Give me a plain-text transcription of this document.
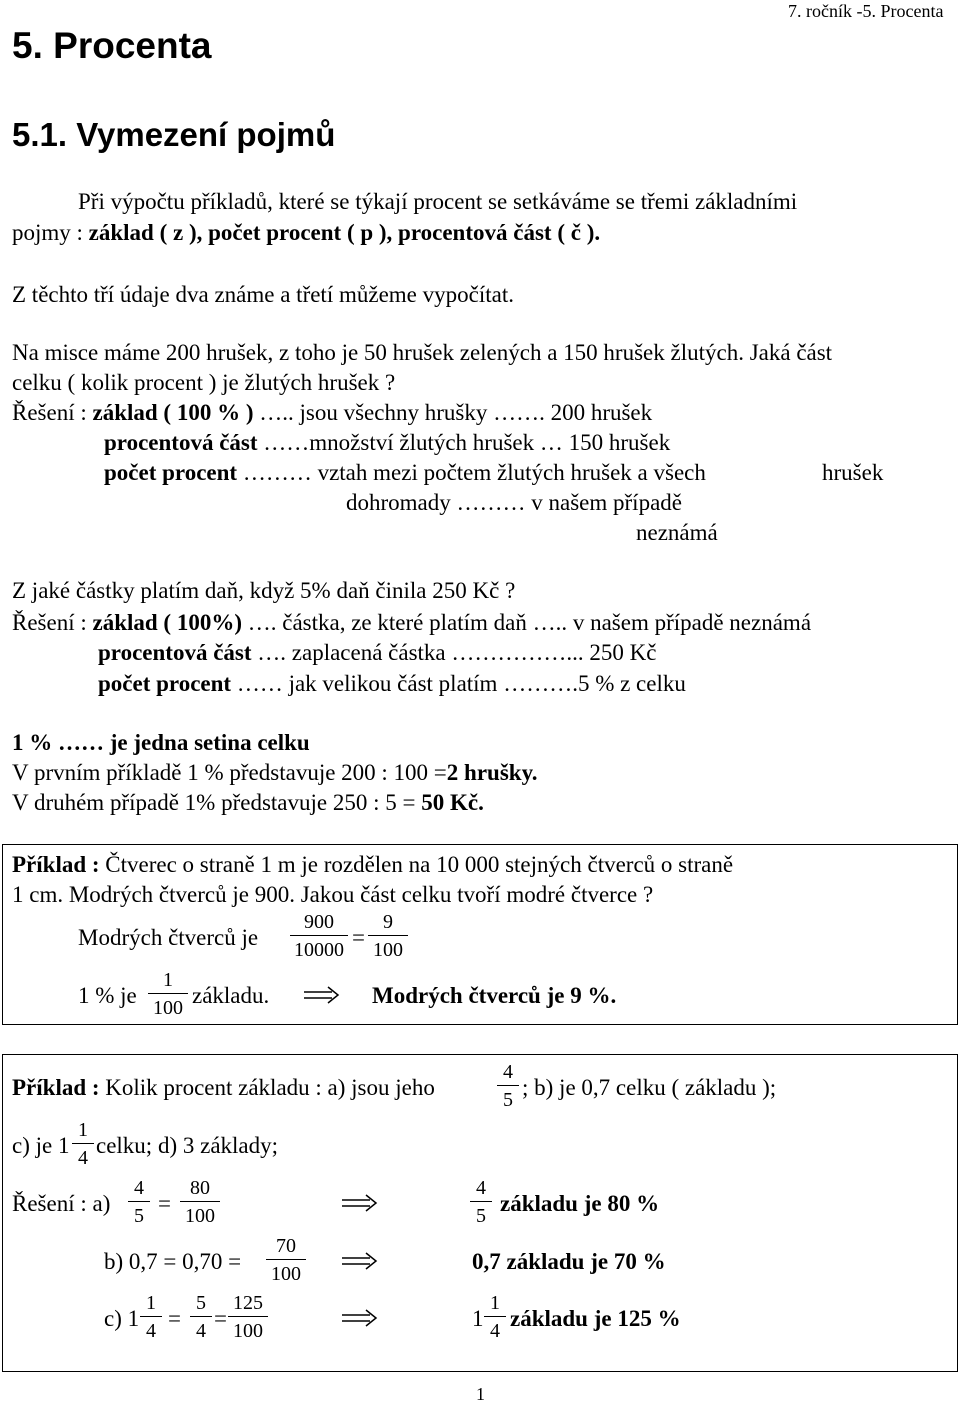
5. Procenta
7. ročník -5. Procenta
5.1. Vymezení pojmů
Při výpočtu příkladů, které se týkají procent se setkáváme se třemi základními
pojmy : základ ( z ), počet procent ( p ), procentová část ( č ).
Z těchto tří údaje dva známe a třetí můžeme vypočítat.
Na misce máme 200 hrušek, z toho je 50 hrušek zelených a 150 hrušek žlutých. Jaká část
celku ( kolik procent ) je žlutých hrušek ?
Řešení : základ ( 100 % ) ….. jsou všechny hrušky ……. 200 hrušek
procentová část ……množství žlutých hrušek … 150 hrušek
počet procent ……… vztah mezi počtem žlutých hrušek a všech	hrušek
dohromady ……… v našem případě
neznámá
Z jaké částky platím daň, když 5% daň činila 250 Kč ?
Řešení : základ ( 100%) …. částka, ze které platím daň ….. v našem případě neznámá
procentová část …. zaplacená částka ……………... 250 Kč
počet procent …… jak velikou část platím ……….5 % z celku
1 % …… je jedna setina celku
V prvním příkladě 1 % představuje 200 : 100 =2 hrušky.
V druhém případě 1% představuje 250 : 5 = 50 Kč.
Příklad : Čtverec o straně 1 m je rozdělen na 10 000 stejných čtverců o straně
1 cm. Modrých čtverců je 900. Jakou část celku tvoří modré čtverce ?
Modrých čtverců je
900
10000 =
9
100
1 % je
1
100 základu.	Modrých čtverců je 9 %.
Příklad : Kolik procent základu : a) jsou jeho
4
5 ; b) je 0,7 celku ( základu );
c) je 1
1
4 celku; d) 3 základy;
Řešení : a)
4
5 =
80
100
4
5 základu je 80 %
b) 0,7 = 0,70 =
70
100	0,7 základu je 70 %
c) 1
1
4 =
5
4 =
125
100	1
1
4 základu je 125 %
1
